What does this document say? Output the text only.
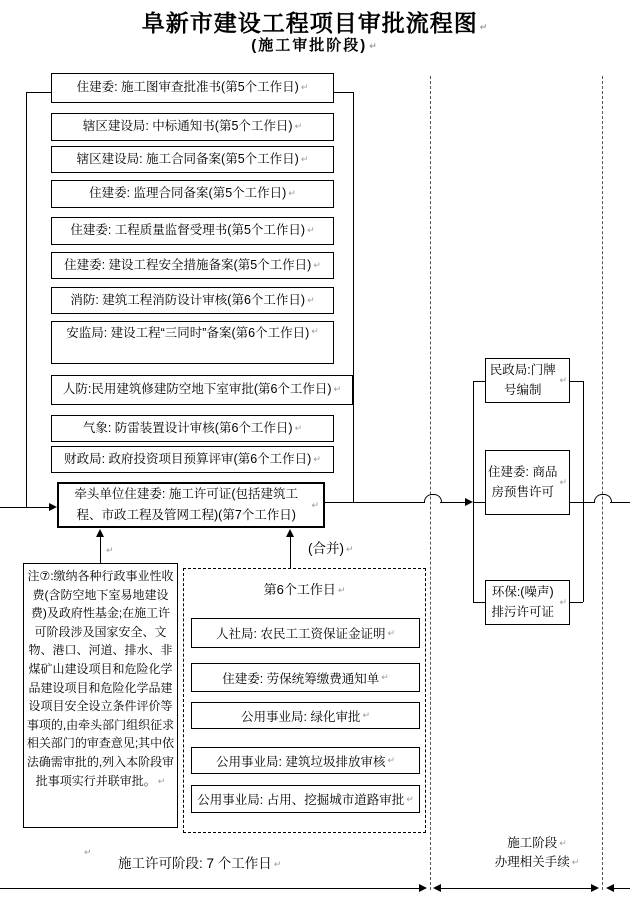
阜新市建设工程项目审批流程图 ↵
(施工审批阶段) ↵
住建委: 施工图审查批准书(第5个工作日) ↵
辖区建设局: 中标通知书(第5个工作日) ↵
辖区建设局: 施工合同备案(第5个工作日) ↵
住建委: 监理合同备案(第5个工作日) ↵
住建委: 工程质量监督受理书(第5个工作日) ↵
住建委: 建设工程安全措施备案(第5个工作日) ↵
消防: 建筑工程消防设计审核(第6个工作日) ↵
安监局: 建设工程“三同时”备案(第6个工作日) ↵
人防:民用建筑修建防空地下室审批(第6个工作日) ↵
气象: 防雷装置设计审核(第6个工作日) ↵
财政局: 政府投资项目预算评审(第6个工作日) ↵
牵头单位住建委: 施工许可证(包括建筑工程、市政工程及管网工程)(第7个工作日)
↵
↵
↵
(合并) ↵
注⑦:缴纳各种行政事业性收费(含防空地下室易地建设费)及政府性基金;在施工许可阶段涉及国家安全、文物、港口、河道、排水、非煤矿山建设项目和危险化学品建设项目和危险化学品建设项目安全设立条件评价等事项的,由牵头部门组织征求相关部门的审查意见;其中依法确需审批的,列入本阶段审批事项实行并联审批。 ↵
第6个工作日 ↵
人社局: 农民工工资保证金证明 ↵
住建委: 劳保统筹缴费通知单 ↵
公用事业局: 绿化审批 ↵
公用事业局: 建筑垃圾排放审核 ↵
公用事业局: 占用、挖掘城市道路审批 ↵
民政局:门牌号编制
↵
住建委: 商品房预售许可
↵
环保:(噪声)排污许可证
↵
施工许可阶段: 7 个工作日 ↵
施工阶段 ↵
办理相关手续 ↵
